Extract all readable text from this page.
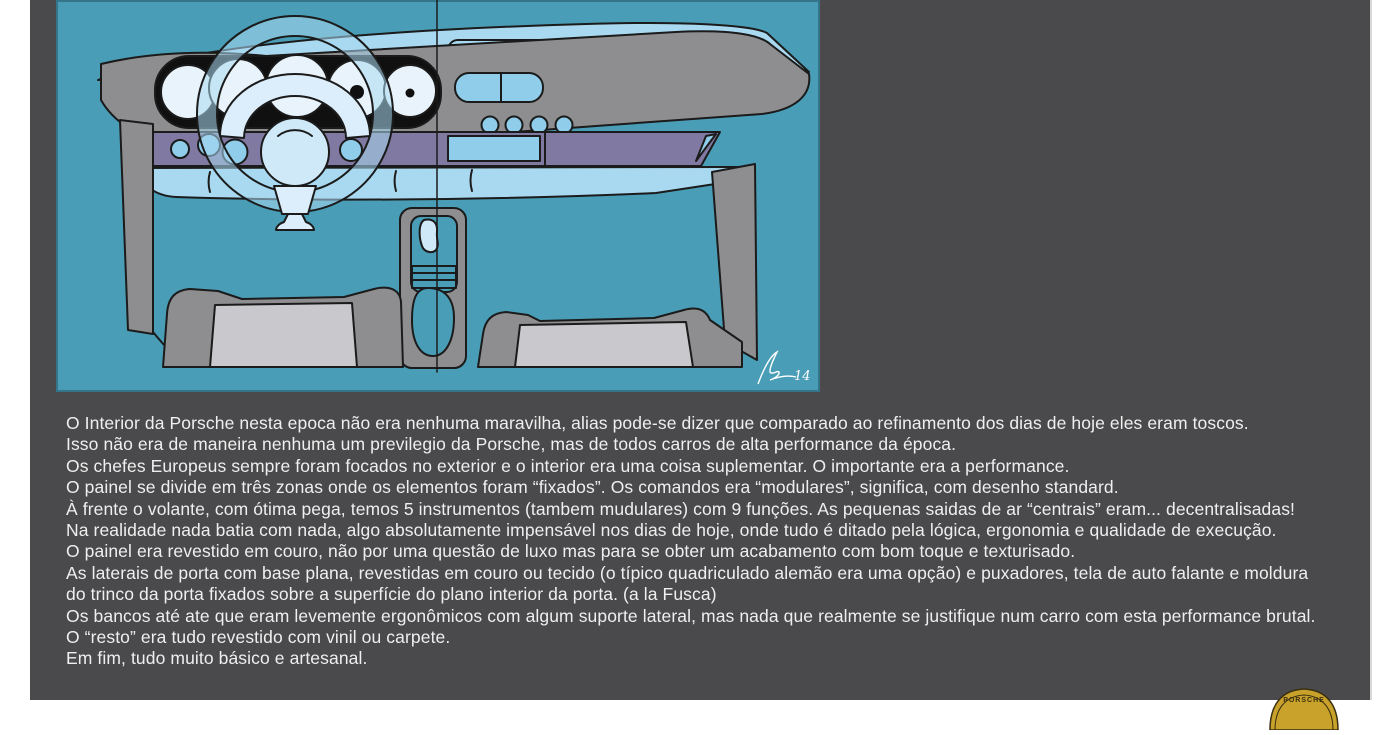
14
O Interior da Porsche nesta epoca não era nenhuma maravilha, alias pode-se dizer que comparado ao refinamento dos dias de hoje eles eram toscos.
Isso não era de maneira nenhuma um previlegio da Porsche, mas de todos carros de alta performance da época.
Os chefes Europeus sempre foram focados no exterior e o interior era uma coisa suplementar. O importante era a performance.
O painel se divide em três zonas onde os elementos foram “fixados”. Os comandos era “modulares”, significa, com desenho standard.
À frente o volante, com ótima pega, temos 5 instrumentos (tambem mudulares) com 9 funções. As pequenas saidas de ar “centrais” eram... decentralisadas!
Na realidade nada batia com nada, algo absolutamente impensável nos dias de hoje, onde tudo é ditado pela lógica, ergonomia e qualidade de execução.
O painel era revestido em couro, não por uma questão de luxo mas para se obter um acabamento com bom toque e texturisado.
As laterais de porta com base plana, revestidas em couro ou tecido (o típico quadriculado alemão era uma opção) e puxadores, tela de auto falante e moldura
do trinco da porta fixados sobre a superfície do plano interior da porta. (a la Fusca)
Os bancos até ate que eram levemente ergonômicos com algum suporte lateral, mas nada que realmente se justifique num carro com esta performance brutal.
O “resto” era tudo revestido com vinil ou carpete.
Em fim, tudo muito básico e artesanal.
PORSCHE
